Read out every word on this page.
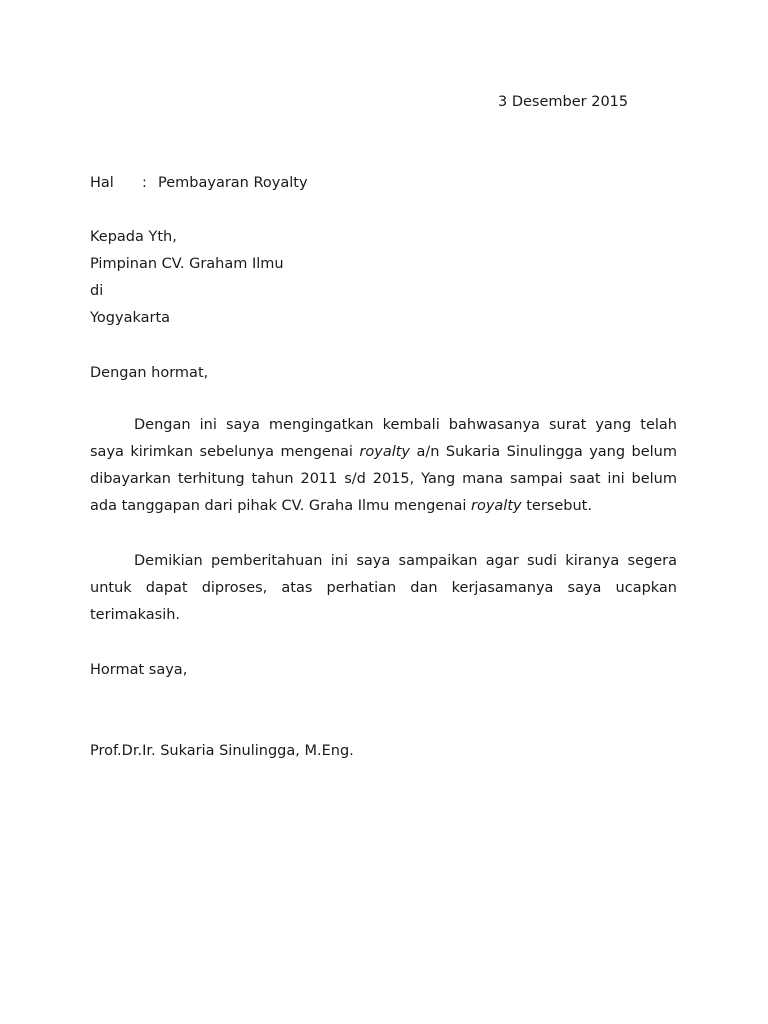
3 Desember 2015
Hal : Pembayaran Royalty
Kepada Yth,
Pimpinan CV. Graham Ilmu
di
Yogyakarta
Dengan hormat,
Dengan ini saya mengingatkan kembali bahwasanya surat yang telah saya kirimkan sebelunya mengenai royalty a/n Sukaria Sinulingga yang belum dibayarkan terhitung tahun 2011 s/d 2015, Yang mana sampai saat ini belum ada tanggapan dari pihak CV. Graha Ilmu mengenai royalty tersebut.
Demikian pemberitahuan ini saya sampaikan agar sudi kiranya segera untuk dapat diproses, atas perhatian dan kerjasamanya saya ucapkan terimakasih.
Hormat saya,
Prof.Dr.Ir. Sukaria Sinulingga, M.Eng.
